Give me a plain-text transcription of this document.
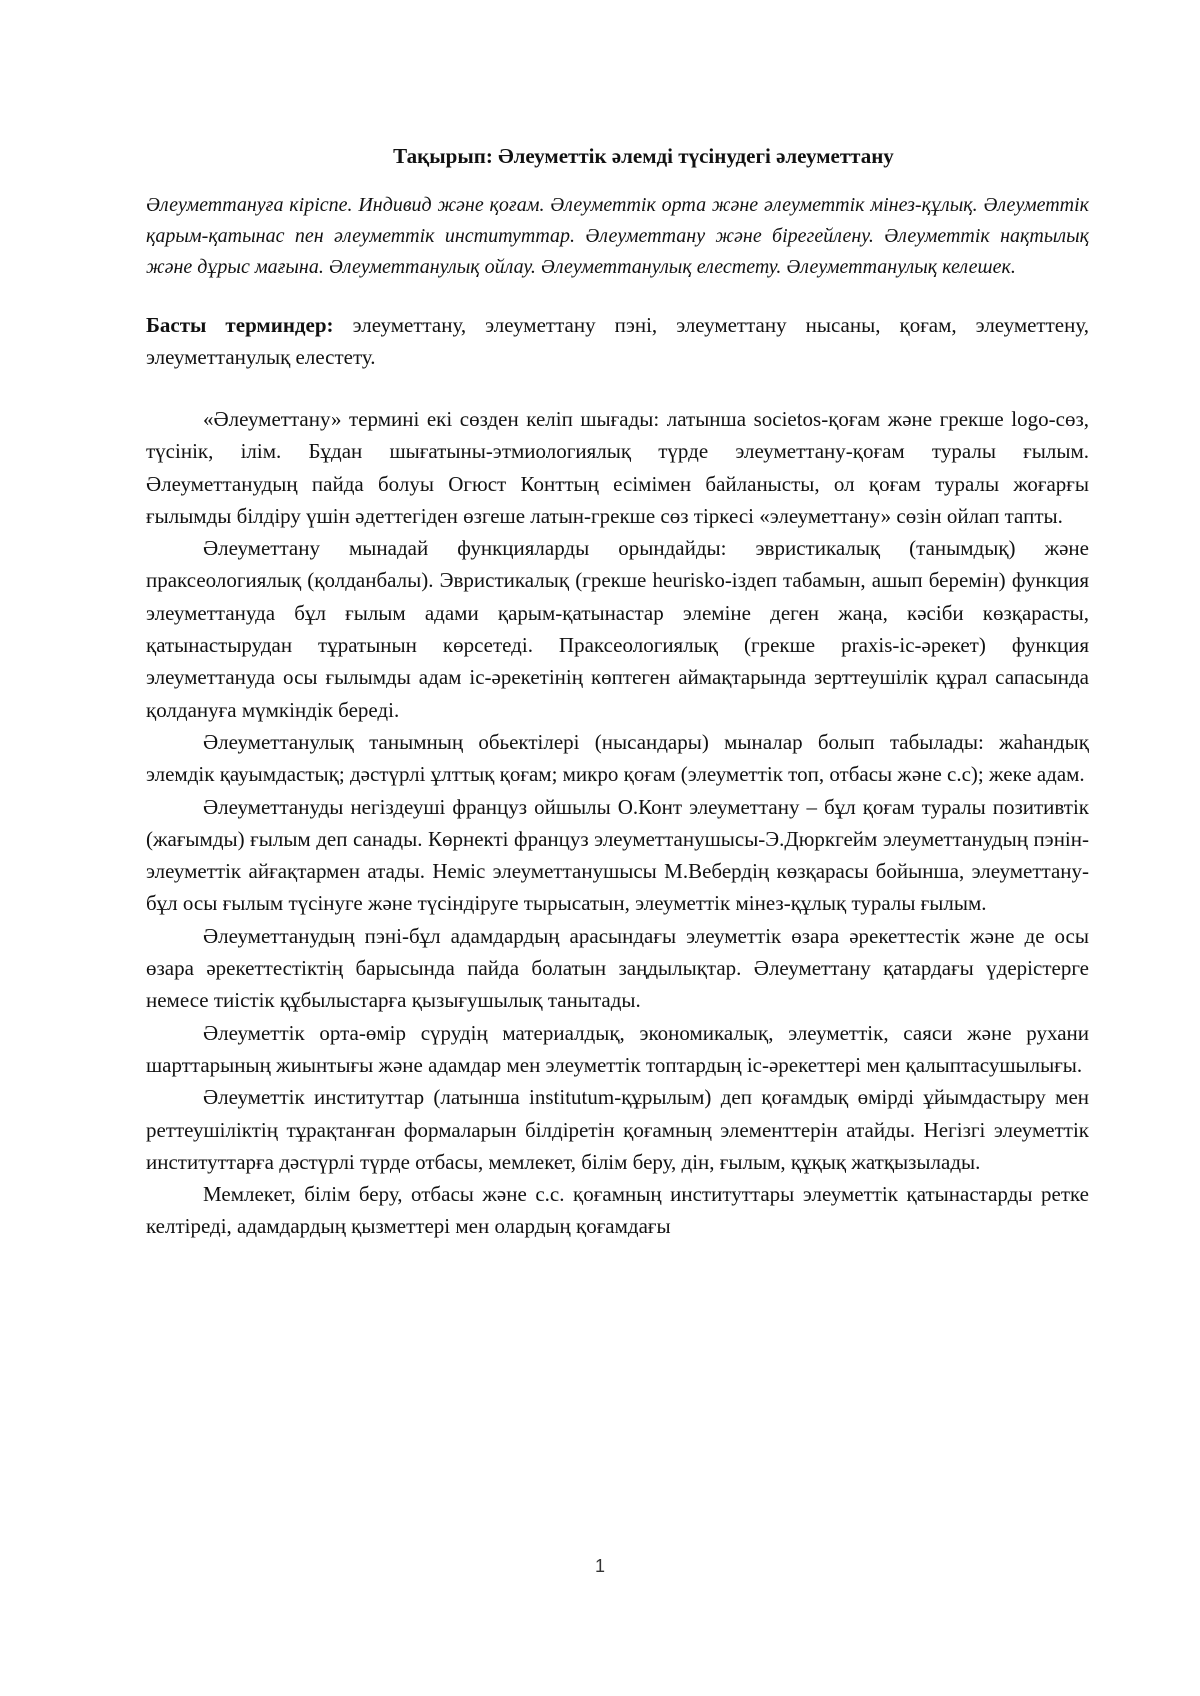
Тақырып: Әлеуметтік әлемді түсінудегі әлеуметтану

Әлеуметтануға кіріспе. Индивид және қоғам. Әлеуметтік орта және әлеуметтік мінез-құлық. Әлеуметтік қарым-қатынас пен әлеуметтік институттар. Әлеуметтану және бірегейлену. Әлеуметтік нақтылық және дұрыс мағына. Әлеуметтанулық ойлау. Әлеуметтанулық елестету. Әлеуметтанулық келешек.

Басты терминдер: элеуметтану, элеуметтану пэні, элеуметтану нысаны, қоғам, элеуметтену, элеуметтанулық елестету.

«Әлеуметтану» термині екі сөзден келіп шығады: латынша societos-қоғам және грекше logo-сөз, түсінік, ілім. Бұдан шығатыны-этмиологиялық түрде элеуметтану-қоғам туралы ғылым. Әлеуметтанудың пайда болуы Огюст Конттың есімімен байланысты, ол қоғам туралы жоғарғы ғылымды білдіру үшін әдеттегіден өзгеше латын-грекше сөз тіркесі «элеуметтану» сөзін ойлап тапты.

Әлеуметтану мынадай функцияларды орындайды: эвристикалық (танымдық) және праксеологиялық (қолданбалы). Эвристикалық (грекше heurisko-іздеп табамын, ашып беремін) функция элеуметтануда бұл ғылым адами қарым-қатынастар элеміне деген жаңа, кәсіби көзқарасты, қатынастырудан тұратынын көрсетеді. Праксеологиялық (грекше praxis-іс-әрекет) функция элеуметтануда осы ғылымды адам іс-әрекетінің көптеген аймақтарында зерттеушілік құрал сапасында қолдануға мүмкіндік береді.

Әлеуметтанулық танымның обьектілері (нысандары) мыналар болып табылады: жаһандық элемдік қауымдастық; дәстүрлі ұлттық қоғам; микро қоғам (элеуметтік топ, отбасы және с.с); жеке адам.

Әлеуметтануды негіздеуші француз ойшылы О.Конт элеуметтану – бұл қоғам туралы позитивтік (жағымды) ғылым деп санады. Көрнекті француз элеуметтанушысы-Э.Дюркгейм элеуметтанудың пэнін-элеуметтік айғақтармен атады. Неміс элеуметтанушысы М.Вебердің көзқарасы бойынша, элеуметтану-бұл осы ғылым түсінуге және түсіндіруге тырысатын, элеуметтік мінез-құлық туралы ғылым.

Әлеуметтанудың пэні-бұл адамдардың арасындағы элеуметтік өзара әрекеттестік және де осы өзара әрекеттестіктің барысында пайда болатын заңдылықтар. Әлеуметтану қатардағы үдерістерге немесе тиістік құбылыстарға қызығушылық танытады.

Әлеуметтік орта-өмір сүрудің материалдық, экономикалық, элеуметтік, саяси және рухани шарттарының жиынтығы және адамдар мен элеуметтік топтардың іс-әрекеттері мен қалыптасушылығы.

Әлеуметтік институттар (латынша institutum-құрылым) деп қоғамдық өмірді ұйымдастыру мен реттеушіліктің тұрақтанған формаларын білдіретін қоғамның элементтерін атайды. Негізгі элеуметтік институттарға дәстүрлі түрде отбасы, мемлекет, білім беру, дін, ғылым, құқық жатқызылады.

Мемлекет, білім беру, отбасы және с.с. қоғамның институттары элеуметтік қатынастарды ретке келтіреді, адамдардың қызметтері мен олардың қоғамдағы

1
